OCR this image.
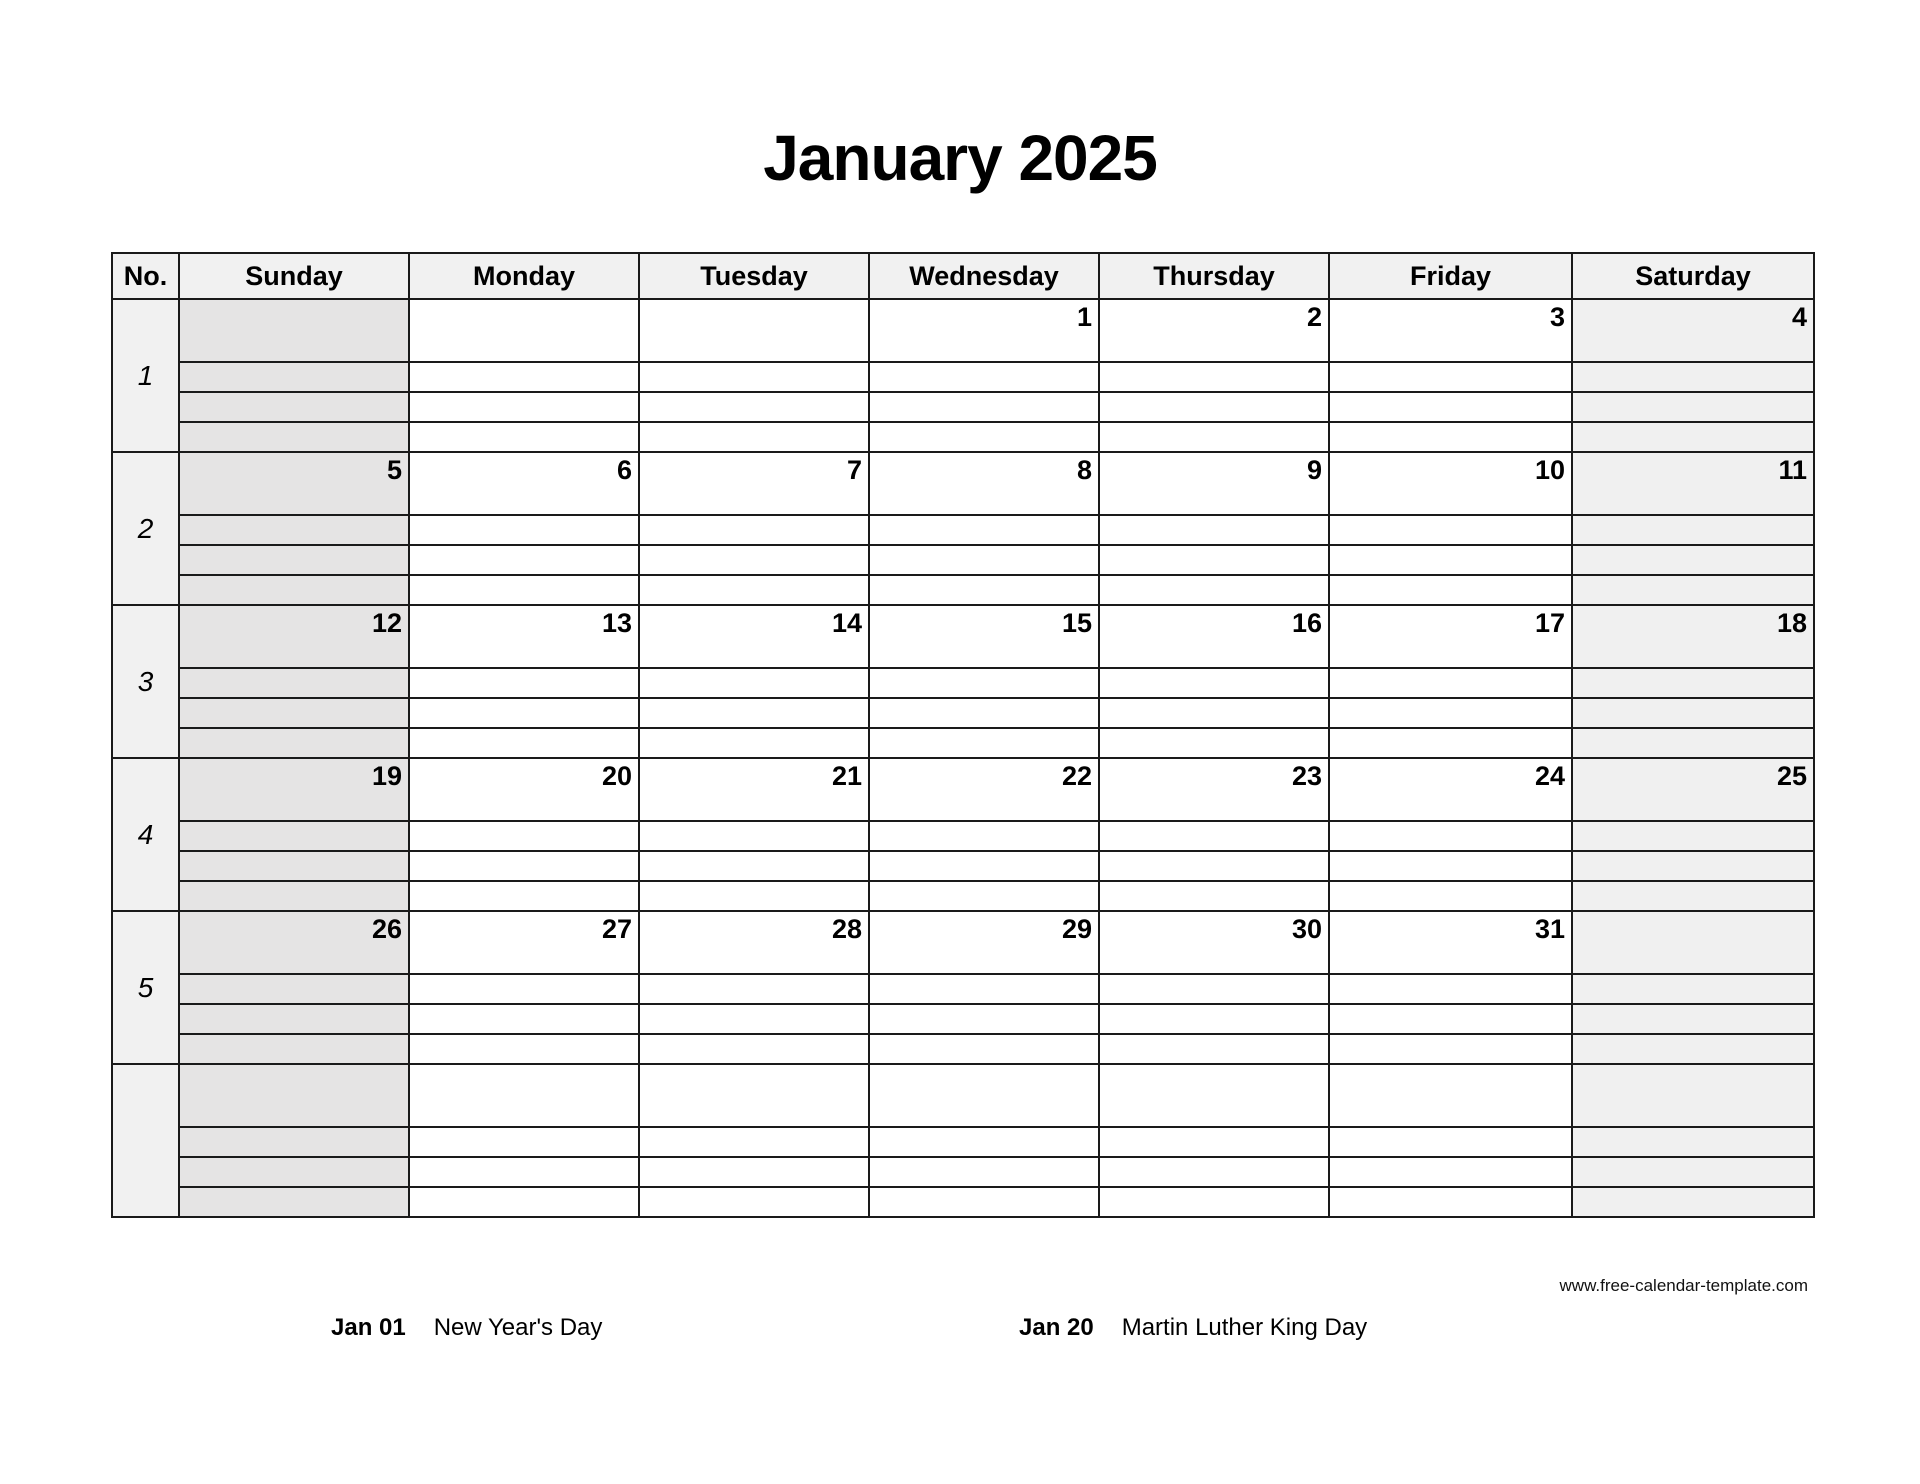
January 2025
No.	Sunday	Monday	Tuesday	Wednesday	Thursday	Friday	Saturday
1				1	2	3	4

2	5	6	7	8	9	10	11

3	12	13	14	15	16	17	18

4	19	20	21	22	23	24	25

5	26	27	28	29	30	31	

www.free-calendar-template.com
Jan 01 New Year's Day	Jan 20 Martin Luther King Day
